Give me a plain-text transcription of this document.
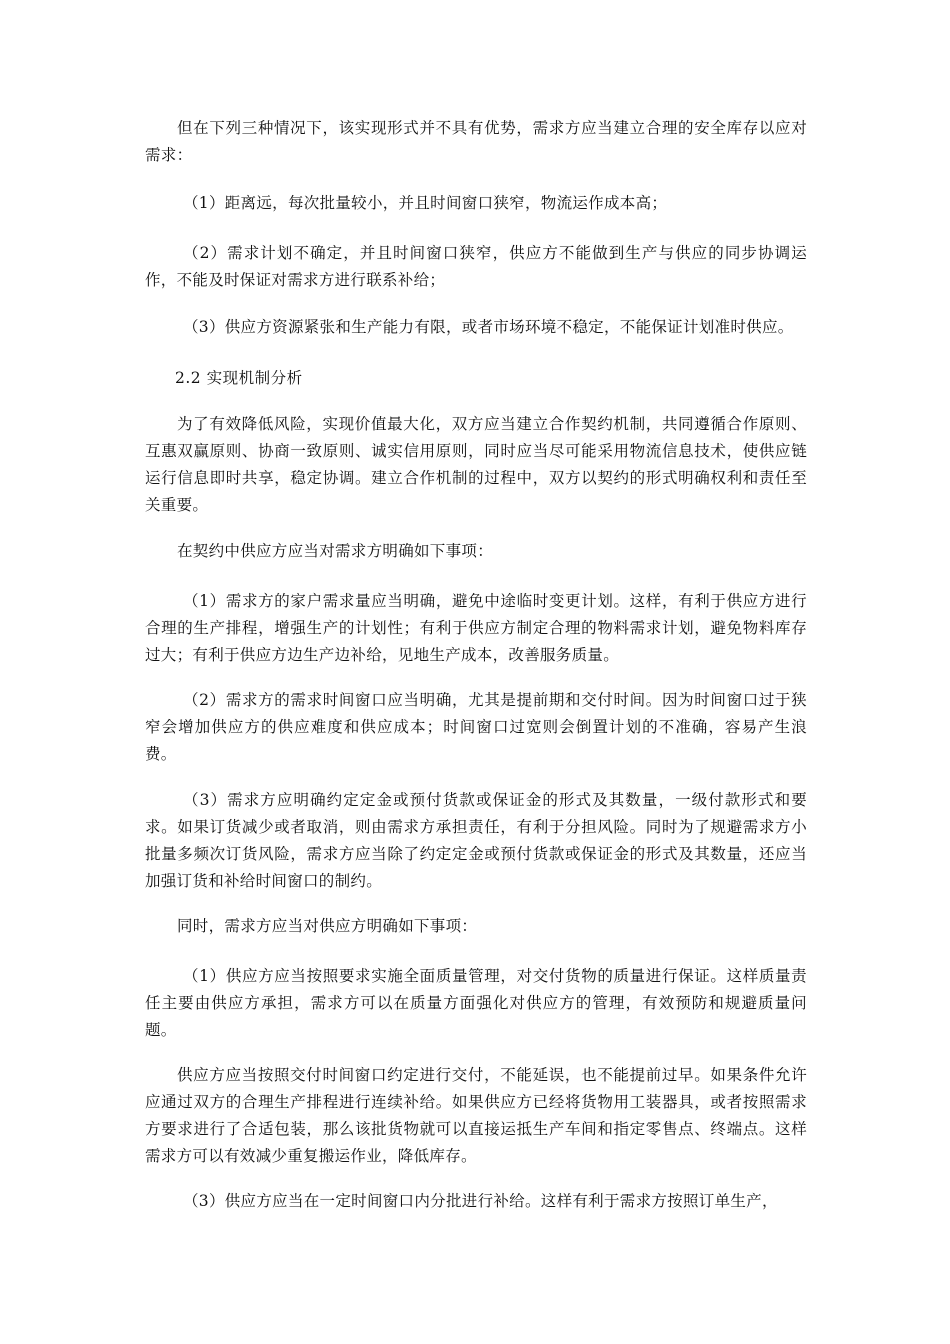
但在下列三种情况下，该实现形式并不具有优势，需求方应当建立合理的安全库存以应对需求：

（1）距离远，每次批量较小，并且时间窗口狭窄，物流运作成本高；

（2）需求计划不确定，并且时间窗口狭窄，供应方不能做到生产与供应的同步协调运作，不能及时保证对需求方进行联系补给；

（3）供应方资源紧张和生产能力有限，或者市场环境不稳定，不能保证计划准时供应。

2.2 实现机制分析

为了有效降低风险，实现价值最大化，双方应当建立合作契约机制，共同遵循合作原则、互惠双赢原则、协商一致原则、诚实信用原则，同时应当尽可能采用物流信息技术，使供应链运行信息即时共享，稳定协调。建立合作机制的过程中，双方以契约的形式明确权利和责任至关重要。

在契约中供应方应当对需求方明确如下事项：

（1）需求方的家户需求量应当明确，避免中途临时变更计划。这样，有利于供应方进行合理的生产排程，增强生产的计划性；有利于供应方制定合理的物料需求计划，避免物料库存过大；有利于供应方边生产边补给，见地生产成本，改善服务质量。

（2）需求方的需求时间窗口应当明确，尤其是提前期和交付时间。因为时间窗口过于狭窄会增加供应方的供应难度和供应成本；时间窗口过宽则会倒置计划的不准确，容易产生浪费。

（3）需求方应明确约定定金或预付货款或保证金的形式及其数量，一级付款形式和要求。如果订货减少或者取消，则由需求方承担责任，有利于分担风险。同时为了规避需求方小批量多频次订货风险，需求方应当除了约定定金或预付货款或保证金的形式及其数量，还应当加强订货和补给时间窗口的制约。

同时，需求方应当对供应方明确如下事项：

（1）供应方应当按照要求实施全面质量管理，对交付货物的质量进行保证。这样质量责任主要由供应方承担，需求方可以在质量方面强化对供应方的管理，有效预防和规避质量问题。

供应方应当按照交付时间窗口约定进行交付，不能延误，也不能提前过早。如果条件允许应通过双方的合理生产排程进行连续补给。如果供应方已经将货物用工装器具，或者按照需求方要求进行了合适包装，那么该批货物就可以直接运抵生产车间和指定零售点、终端点。这样需求方可以有效减少重复搬运作业，降低库存。

（3）供应方应当在一定时间窗口内分批进行补给。这样有利于需求方按照订单生产，
